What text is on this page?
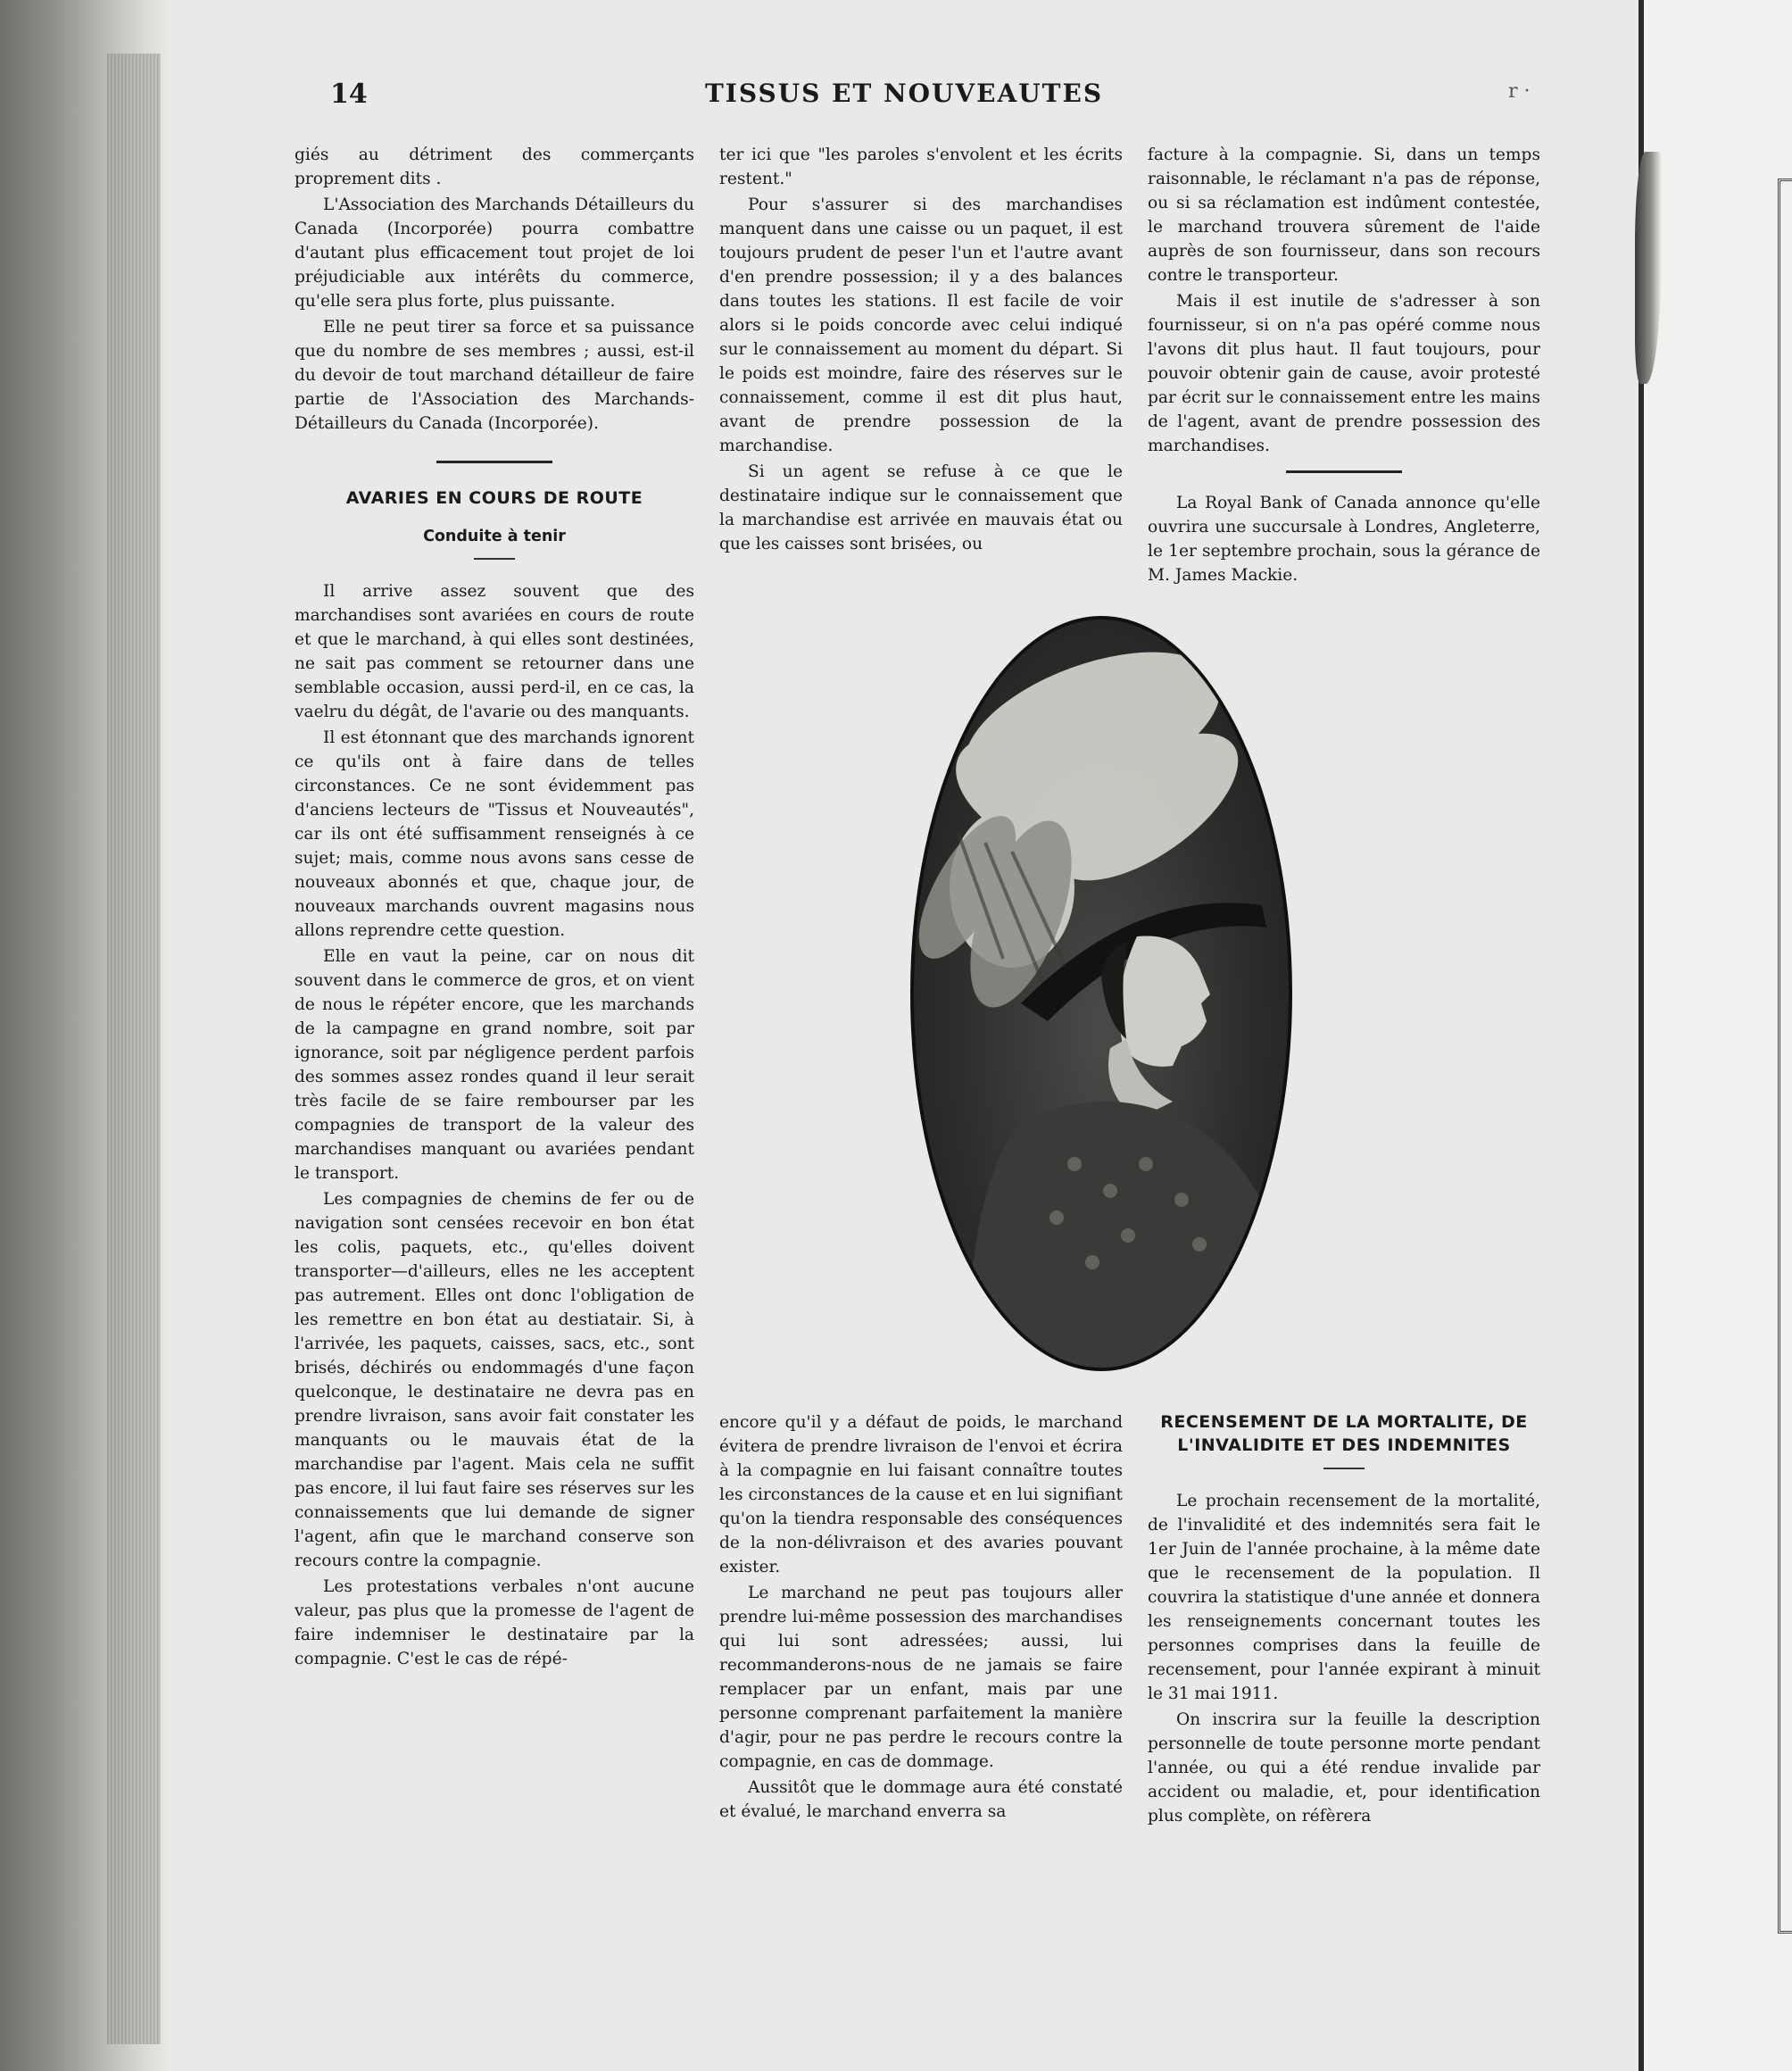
14	TISSUS ET NOUVEAUTES	r ·

giés au détriment des commerçants proprement dits .

L'Association des Marchands Détailleurs du Canada (Incorporée) pourra combattre d'autant plus efficacement tout projet de loi préjudiciable aux intérêts du commerce, qu'elle sera plus forte, plus puissante.

Elle ne peut tirer sa force et sa puissance que du nombre de ses membres ; aussi, est-il du devoir de tout marchand détailleur de faire partie de l'Association des Marchands-Détailleurs du Canada (Incorporée).

AVARIES EN COURS DE ROUTE
Conduite à tenir

Il arrive assez souvent que des marchandises sont avariées en cours de route et que le marchand, à qui elles sont destinées, ne sait pas comment se retourner dans une semblable occasion, aussi perd-il, en ce cas, la vaelru du dégât, de l'avarie ou des manquants.

Il est étonnant que des marchands ignorent ce qu'ils ont à faire dans de telles circonstances. Ce ne sont évidemment pas d'anciens lecteurs de "Tissus et Nouveautés", car ils ont été suffisamment renseignés à ce sujet; mais, comme nous avons sans cesse de nouveaux abonnés et que, chaque jour, de nouveaux marchands ouvrent magasins nous allons reprendre cette question.

Elle en vaut la peine, car on nous dit souvent dans le commerce de gros, et on vient de nous le répéter encore, que les marchands de la campagne en grand nombre, soit par ignorance, soit par négligence perdent parfois des sommes assez rondes quand il leur serait très facile de se faire rembourser par les compagnies de transport de la valeur des marchandises manquant ou avariées pendant le transport.

Les compagnies de chemins de fer ou de navigation sont censées recevoir en bon état les colis, paquets, etc., qu'elles doivent transporter—d'ailleurs, elles ne les acceptent pas autrement. Elles ont donc l'obligation de les remettre en bon état au destiatair. Si, à l'arrivée, les paquets, caisses, sacs, etc., sont brisés, déchirés ou endommagés d'une façon quelconque, le destinataire ne devra pas en prendre livraison, sans avoir fait constater les manquants ou le mauvais état de la marchandise par l'agent. Mais cela ne suffit pas encore, il lui faut faire ses réserves sur les connaissements que lui demande de signer l'agent, afin que le marchand conserve son recours contre la compagnie.

Les protestations verbales n'ont aucune valeur, pas plus que la promesse de l'agent de faire indemniser le destinataire par la compagnie. C'est le cas de répé-

ter ici que "les paroles s'envolent et les écrits restent."

Pour s'assurer si des marchandises manquent dans une caisse ou un paquet, il est toujours prudent de peser l'un et l'autre avant d'en prendre possession; il y a des balances dans toutes les stations. Il est facile de voir alors si le poids concorde avec celui indiqué sur le connaissement au moment du départ. Si le poids est moindre, faire des réserves sur le connaissement, comme il est dit plus haut, avant de prendre possession de la marchandise.

Si un agent se refuse à ce que le destinataire indique sur le connaissement que la marchandise est arrivée en mauvais état ou que les caisses sont brisées, ou

facture à la compagnie. Si, dans un temps raisonnable, le réclamant n'a pas de réponse, ou si sa réclamation est indûment contestée, le marchand trouvera sûrement de l'aide auprès de son fournisseur, dans son recours contre le transporteur.

Mais il est inutile de s'adresser à son fournisseur, si on n'a pas opéré comme nous l'avons dit plus haut. Il faut toujours, pour pouvoir obtenir gain de cause, avoir protesté par écrit sur le connaissement entre les mains de l'agent, avant de prendre possession des marchandises.

La Royal Bank of Canada annonce qu'elle ouvrira une succursale à Londres, Angleterre, le 1er septembre prochain, sous la gérance de M. James Mackie.

encore qu'il y a défaut de poids, le marchand évitera de prendre livraison de l'envoi et écrira à la compagnie en lui faisant connaître toutes les circonstances de la cause et en lui signifiant qu'on la tiendra responsable des conséquences de la non-délivraison et des avaries pouvant exister.

Le marchand ne peut pas toujours aller prendre lui-même possession des marchandises qui lui sont adressées; aussi, lui recommanderons-nous de ne jamais se faire remplacer par un enfant, mais par une personne comprenant parfaitement la manière d'agir, pour ne pas perdre le recours contre la compagnie, en cas de dommage.

Aussitôt que le dommage aura été constaté et évalué, le marchand enverra sa

RECENSEMENT DE LA MORTALITE, DE L'INVALIDITE ET DES INDEMNITES

Le prochain recensement de la mortalité, de l'invalidité et des indemnités sera fait le 1er Juin de l'année prochaine, à la même date que le recensement de la population. Il couvrira la statistique d'une année et donnera les renseignements concernant toutes les personnes comprises dans la feuille de recensement, pour l'année expirant à minuit le 31 mai 1911.

On inscrira sur la feuille la description personnelle de toute personne morte pendant l'année, ou qui a été rendue invalide par accident ou maladie, et, pour identification plus complète, on réfèrera
